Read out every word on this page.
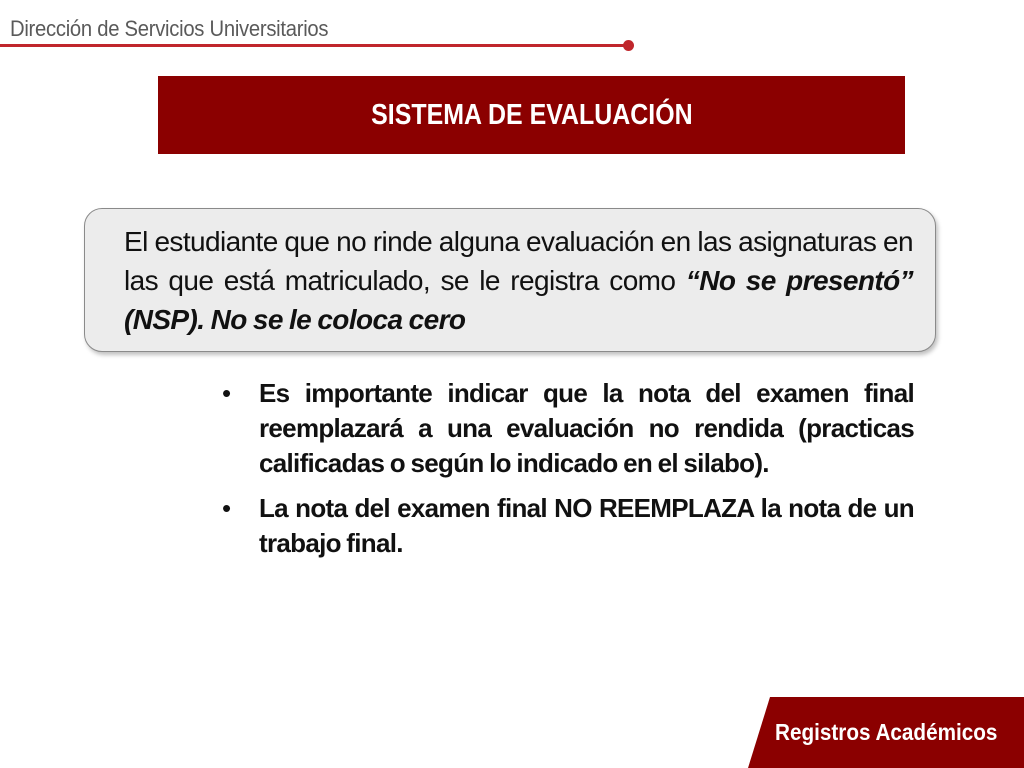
Dirección de Servicios Universitarios
SISTEMA DE EVALUACIÓN

El estudiante que no rinde alguna evaluación en las asignaturas en las que está matriculado, se le registra como “No se presentó” (NSP). No se le coloca cero

• Es importante indicar que la nota del examen final reemplazará a una evaluación no rendida (practicas calificadas o según lo indicado en el silabo).
• La nota del examen final NO REEMPLAZA la nota de un trabajo final.
Registros Académicos
